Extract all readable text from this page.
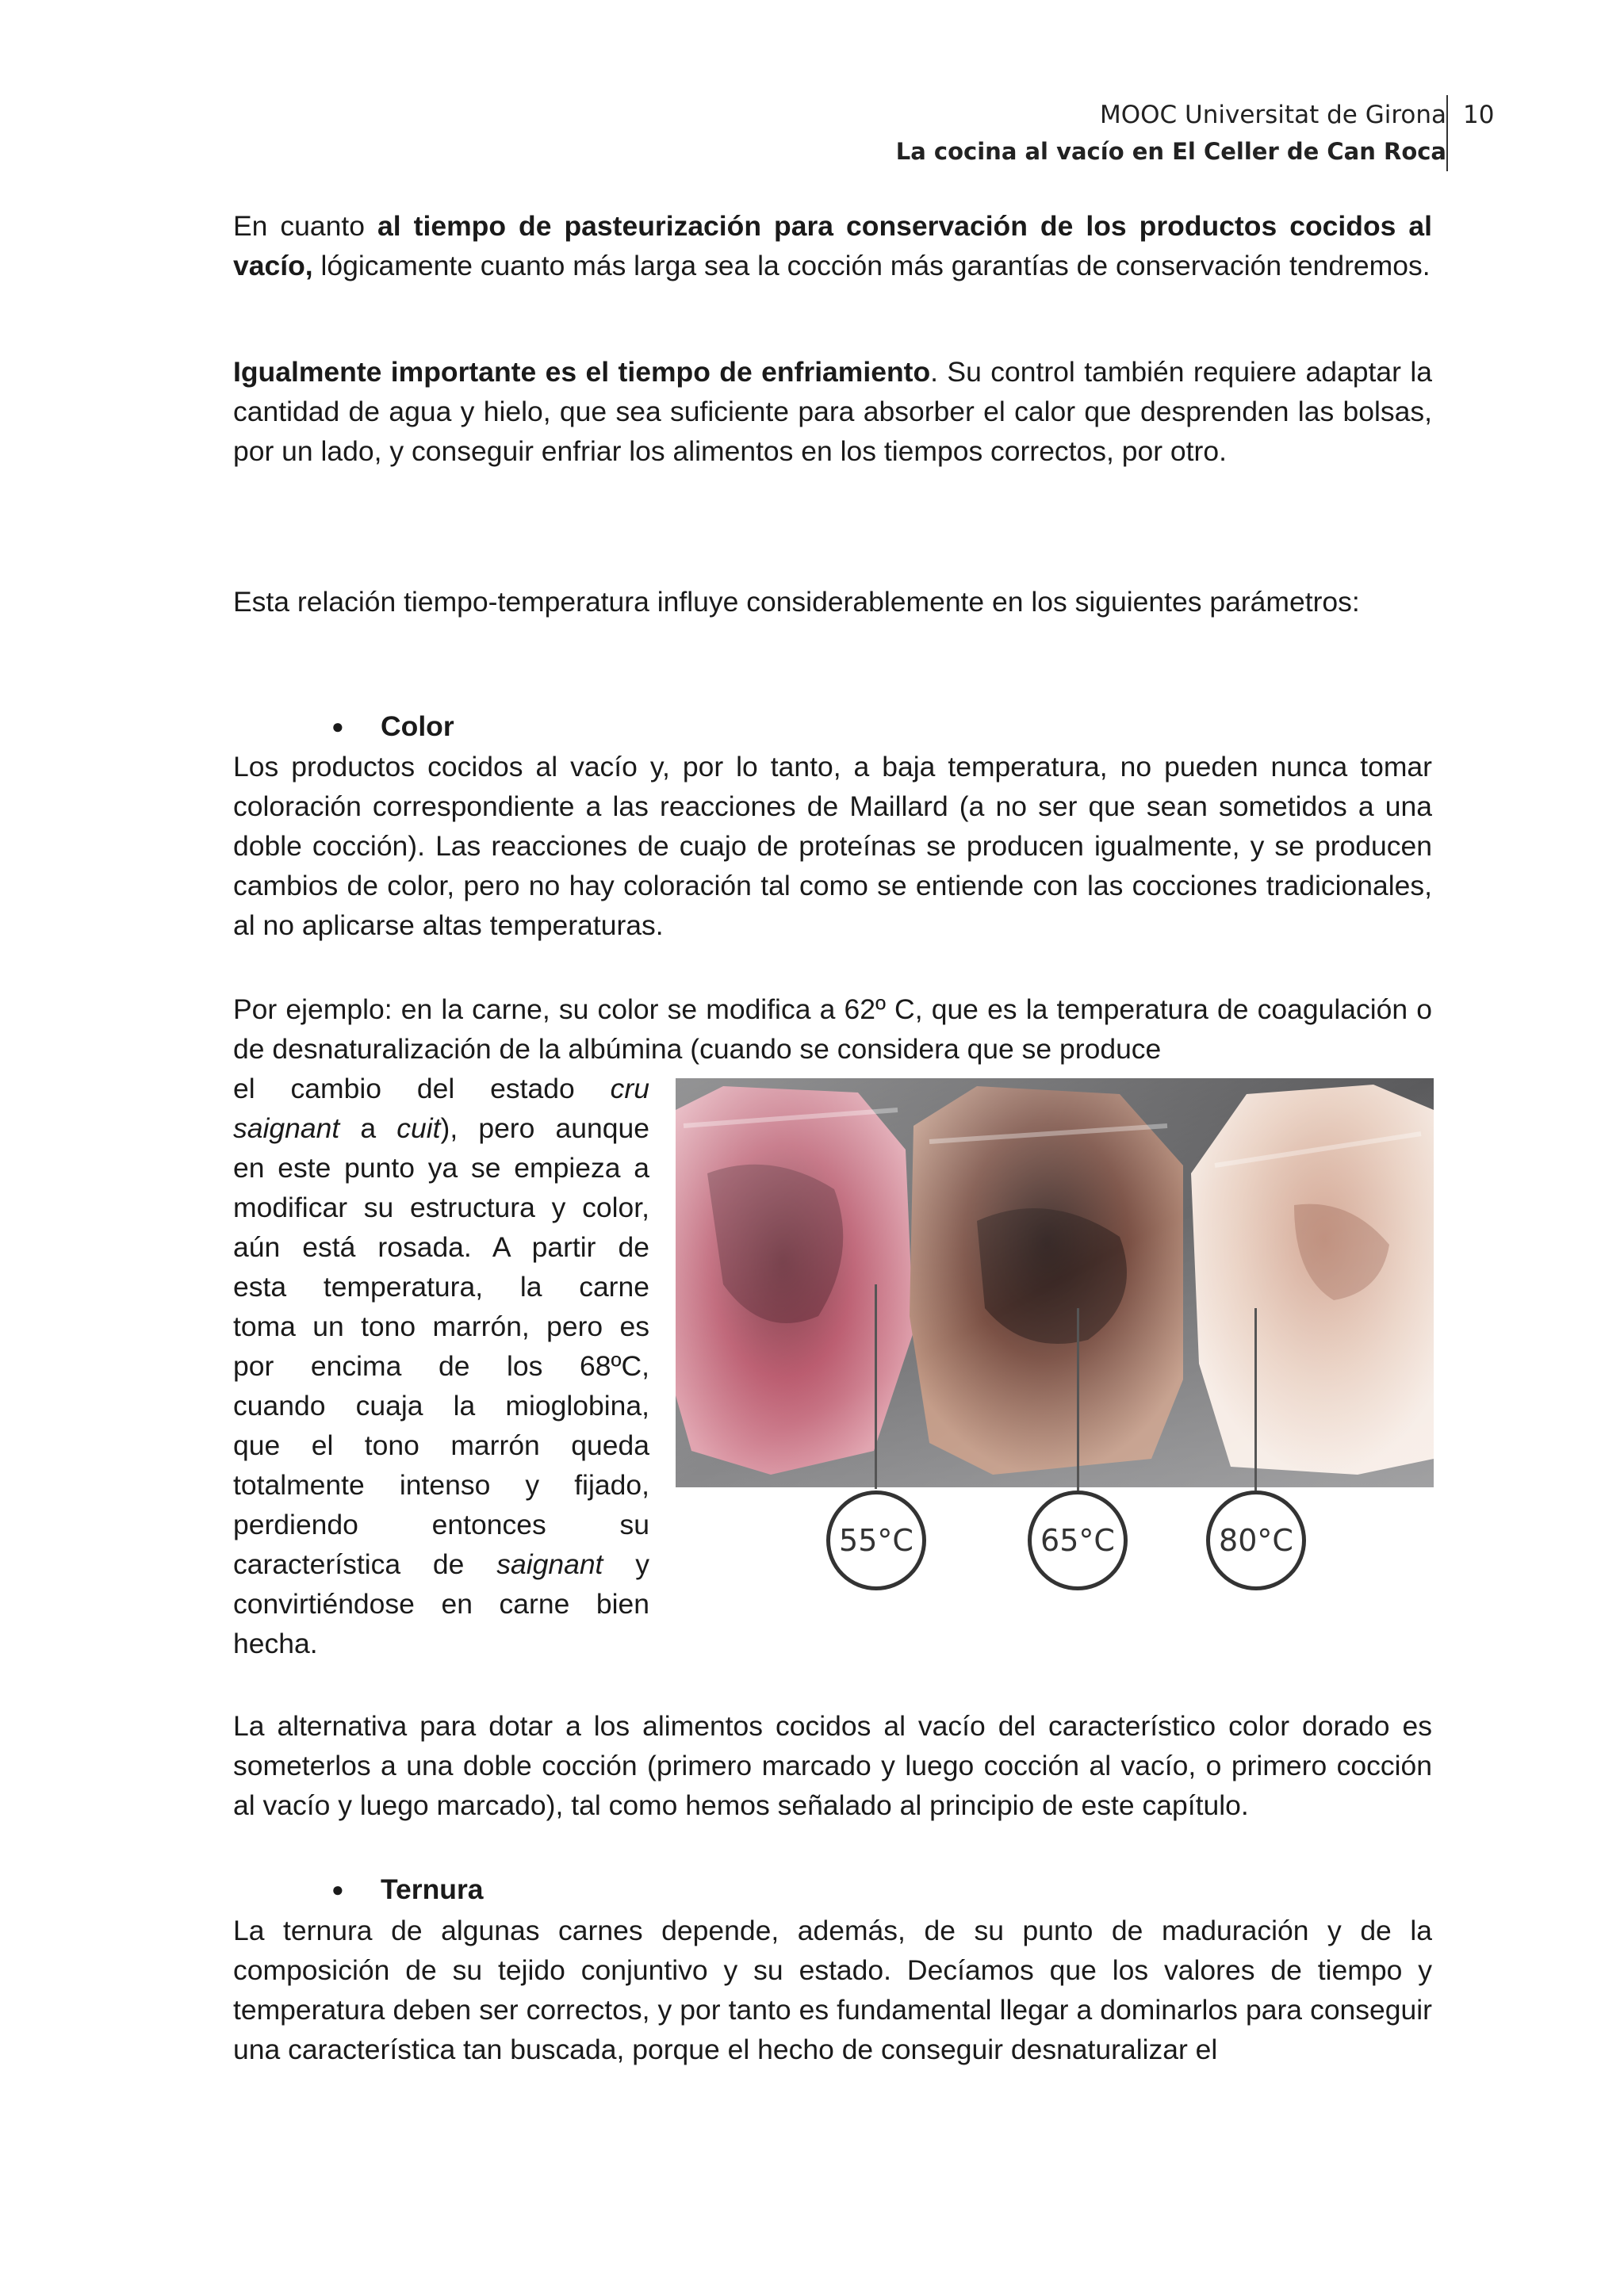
MOOC Universitat de Girona
La cocina al vacío en El Celler de Can Roca
10
En cuanto al tiempo de pasteurización para conservación de los productos cocidos al vacío, lógicamente cuanto más larga sea la cocción más garantías de conservación tendremos.
Igualmente importante es el tiempo de enfriamiento. Su control también requiere adaptar la cantidad de agua y hielo, que sea suficiente para absorber el calor que desprenden las bolsas, por un lado, y conseguir enfriar los alimentos en los tiempos correctos, por otro.
Esta relación tiempo-temperatura influye considerablemente en los siguientes parámetros:
● Color
Los productos cocidos al vacío y, por lo tanto, a baja temperatura, no pueden nunca tomar coloración correspondiente a las reacciones de Maillard (a no ser que sean sometidos a una doble cocción). Las reacciones de cuajo de proteínas se producen igualmente, y se producen cambios de color, pero no hay coloración tal como se entiende con las cocciones tradicionales, al no aplicarse altas temperaturas.
Por ejemplo: en la carne, su color se modifica a 62º C, que es la temperatura de coagulación o de desnaturalización de la albúmina (cuando se considera que se produce
el cambio del estado cru
saignant a cuit), pero aunque
en este punto ya se empieza a
modificar su estructura y color,
aún está rosada. A partir de
esta temperatura, la carne
toma un tono marrón, pero es
por encima de los 68ºC,
cuando cuaja la mioglobina,
que el tono marrón queda
totalmente intenso y fijado,
perdiendo entonces su
característica de saignant y
convirtiéndose en carne bien
hecha.
55°C	65°C	80°C
La alternativa para dotar a los alimentos cocidos al vacío del característico color dorado es someterlos a una doble cocción (primero marcado y luego cocción al vacío, o primero cocción al vacío y luego marcado), tal como hemos señalado al principio de este capítulo.
● Ternura
La ternura de algunas carnes depende, además, de su punto de maduración y de la composición de su tejido conjuntivo y su estado. Decíamos que los valores de tiempo y temperatura deben ser correctos, y por tanto es fundamental llegar a dominarlos para conseguir una característica tan buscada, porque el hecho de conseguir desnaturalizar el
